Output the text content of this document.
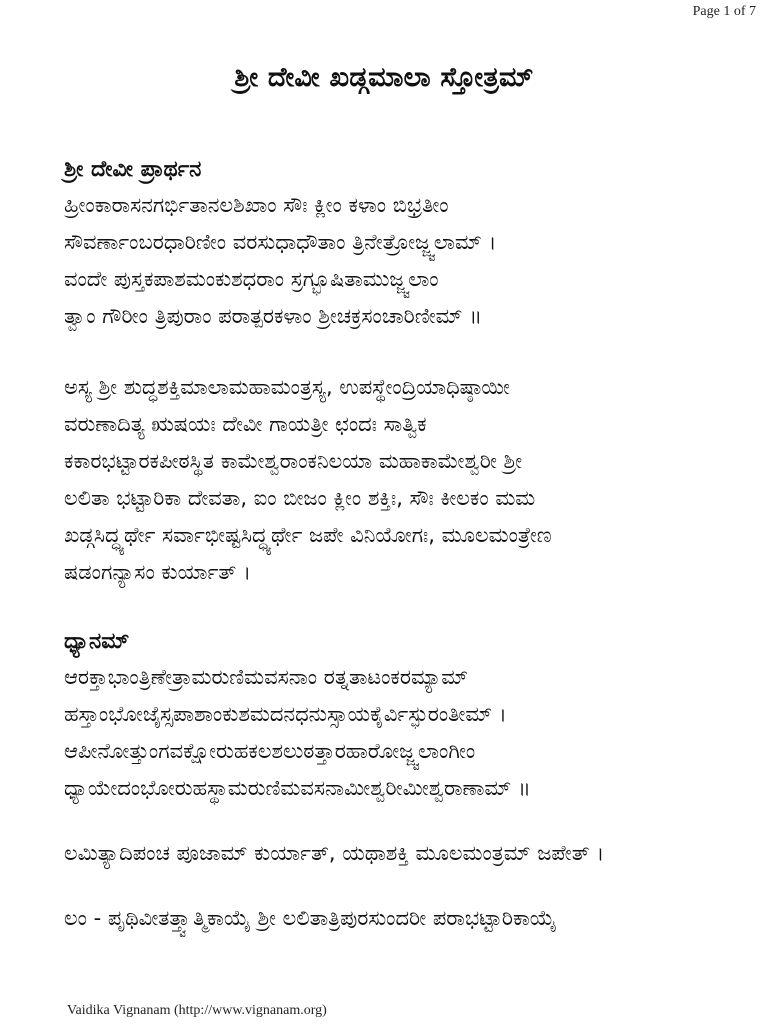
Page 1 of 7
ಶ್ರೀ ದೇವೀ ಖಡ್ಗಮಾಲಾ ಸ್ತೋತ್ರಮ್
ಶ್ರೀ ದೇವೀ ಪ್ರಾರ್ಥನ
ಹ್ರೀಂಕಾರಾಸನಗರ್ಭಿತಾನಲಶಿಖಾಂ ಸೌಃ ಕ್ಲೀಂ ಕಳಾಂ ಬಿಭ್ರತೀಂ
ಸೌವರ್ಣಾಂಬರಧಾರಿಣೀಂ ವರಸುಧಾಧೌತಾಂ ತ್ರಿನೇತ್ರೋಜ್ಜ್ವಲಾಮ್ ।
ವಂದೇ ಪುಸ್ತಕಪಾಶಮಂಕುಶಧರಾಂ ಸ್ರಗ್ಭೂಷಿತಾಮುಜ್ಜ್ವಲಾಂ
ತ್ವಾಂ ಗೌರೀಂ ತ್ರಿಪುರಾಂ ಪರಾತ್ಪರಕಳಾಂ ಶ್ರೀಚಕ್ರಸಂಚಾರಿಣೀಮ್ ॥
ಅಸ್ಯ ಶ್ರೀ ಶುದ್ಧಶಕ್ತಿಮಾಲಾಮಹಾಮಂತ್ರಸ್ಯ, ಉಪಸ್ಥೇಂದ್ರಿಯಾಧಿಷ್ಠಾಯೀ
ವರುಣಾದಿತ್ಯ ಋಷಯಃ ದೇವೀ ಗಾಯತ್ರೀ ಛಂದಃ ಸಾತ್ವಿಕ
ಕಕಾರಭಟ್ಟಾರಕಪೀಠಸ್ಥಿತ ಕಾಮೇಶ್ವರಾಂಕನಿಲಯಾ ಮಹಾಕಾಮೇಶ್ವರೀ ಶ್ರೀ
ಲಲಿತಾ ಭಟ್ಟಾರಿಕಾ ದೇವತಾ, ಐಂ ಬೀಜಂ ಕ್ಲೀಂ ಶಕ್ತಿಃ, ಸೌಃ ಕೀಲಕಂ ಮಮ
ಖಡ್ಗಸಿದ್ಧ್ಯರ್ಥೇ ಸರ್ವಾಭೀಷ್ಟಸಿದ್ಧ್ಯರ್ಥೇ ಜಪೇ ವಿನಿಯೋಗಃ, ಮೂಲಮಂತ್ರೇಣ
ಷಡಂಗನ್ಯಾಸಂ ಕುರ್ಯಾತ್ ।
ಧ್ಯಾನಮ್
ಆರಕ್ತಾಭಾಂತ್ರಿಣೇತ್ರಾಮರುಣಿಮವಸನಾಂ ರತ್ನತಾಟಂಕರಮ್ಯಾಮ್
ಹಸ್ತಾಂಭೋಜೈಸ್ಸಪಾಶಾಂಕುಶಮದನಧನುಸ್ಸಾಯಕೈರ್ವಿಸ್ಫುರಂತೀಮ್ ।
ಆಪೀನೋತ್ತುಂಗವಕ್ಷೋರುಹಕಲಶಲುಠತ್ತಾರಹಾರೋಜ್ಜ್ವಲಾಂಗೀಂ
ಧ್ಯಾಯೇದಂಭೋರುಹಸ್ಥಾಮರುಣಿಮವಸನಾಮೀಶ್ವರೀಮೀಶ್ವರಾಣಾಮ್ ॥
ಲಮಿತ್ಯಾದಿಪಂಚ ಪೂಜಾಮ್ ಕುರ್ಯಾತ್, ಯಥಾಶಕ್ತಿ ಮೂಲಮಂತ್ರಮ್ ಜಪೇತ್ ।
ಲಂ - ಪೃಥಿವೀತತ್ತ್ವಾತ್ಮಿಕಾಯೈ ಶ್ರೀ ಲಲಿತಾತ್ರಿಪುರಸುಂದರೀ ಪರಾಭಟ್ಟಾರಿಕಾಯೈ
Vaidika Vignanam (http://www.vignanam.org)
